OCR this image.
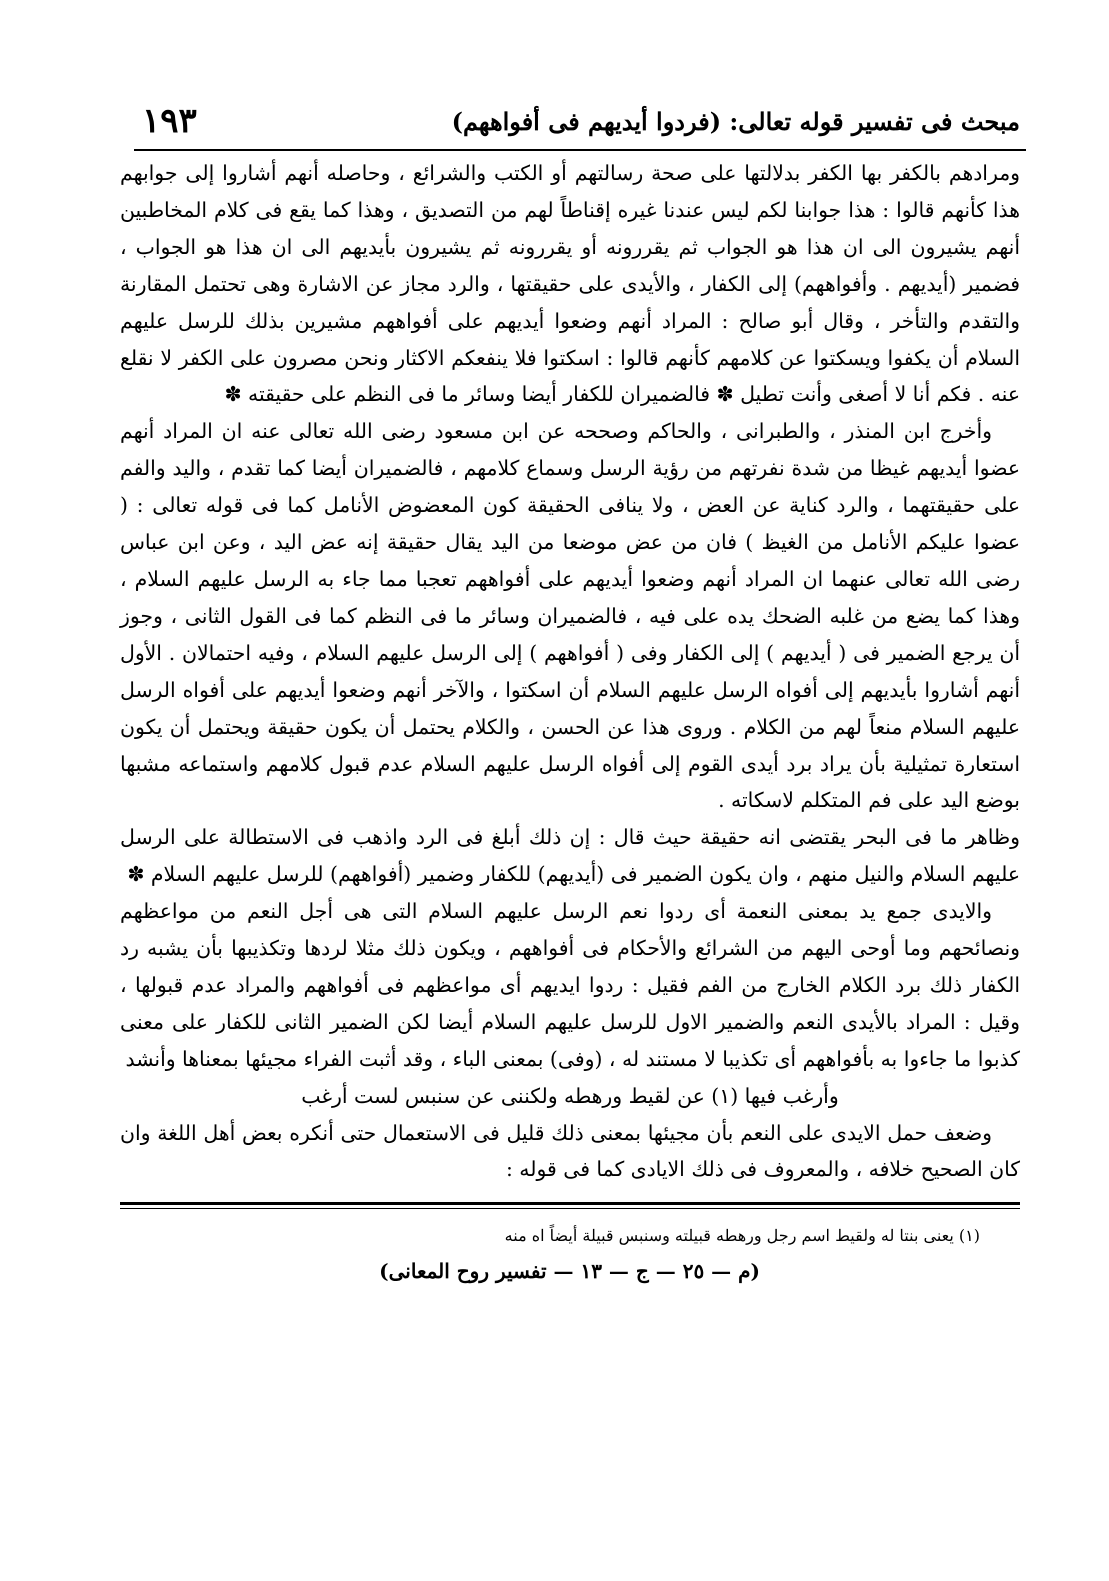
مبحث فی تفسیر قوله تعالی: (فردوا أیدیهم فی أفواههم)
١٩٣

ومرادهم بالكفر بها الكفر بدلالتها على صحة رسالتهم أو الكتب والشرائع ، وحاصله أنهم أشاروا إلى جوابهم هذا كأنهم قالوا : هذا جوابنا لكم ليس عندنا غيره إقناطاً لهم من التصديق ، وهذا كما يقع فى كلام المخاطبين أنهم يشيرون الى ان هذا هو الجواب ثم يقررونه أو يقررونه ثم يشيرون بأيديهم الى ان هذا هو الجواب ، فضمير (أيديهم . وأفواههم) إلى الكفار ، والأيدى على حقيقتها ، والرد مجاز عن الاشارة وهى تحتمل المقارنة والتقدم والتأخر ، وقال أبو صالح : المراد أنهم وضعوا أيديهم على أفواههم مشيرين بذلك للرسل عليهم السلام أن يكفوا ويسكتوا عن كلامهم كأنهم قالوا : اسكتوا فلا ينفعكم الاكثار ونحن مصرون على الكفر لا نقلع عنه . فكم أنا لا أصغى وأنت تطيل ✽ فالضميران للكفار أيضا وسائر ما فى النظم على حقيقته ✽

وأخرج ابن المنذر ، والطبرانى ، والحاكم وصححه عن ابن مسعود رضى الله تعالى عنه ان المراد أنهم عضوا أيديهم غيظا من شدة نفرتهم من رؤية الرسل وسماع كلامهم ، فالضميران أيضا كما تقدم ، واليد والفم على حقيقتهما ، والرد كناية عن العض ، ولا ينافى الحقيقة كون المعضوض الأنامل كما فى قوله تعالى : ( عضوا عليكم الأنامل من الغيظ ) فان من عض موضعا من اليد يقال حقيقة إنه عض اليد ، وعن ابن عباس رضى الله تعالى عنهما ان المراد أنهم وضعوا أيديهم على أفواههم تعجبا مما جاء به الرسل عليهم السلام ، وهذا كما يضع من غلبه الضحك يده على فيه ، فالضميران وسائر ما فى النظم كما فى القول الثانى ، وجوز أن يرجع الضمير فى ( أيديهم ) إلى الكفار وفى ( أفواههم ) إلى الرسل عليهم السلام ، وفيه احتمالان . الأول أنهم أشاروا بأيديهم إلى أفواه الرسل عليهم السلام أن اسكتوا ، والآخر أنهم وضعوا أيديهم على أفواه الرسل عليهم السلام منعاً لهم من الكلام . وروى هذا عن الحسن ، والكلام يحتمل أن يكون حقيقة ويحتمل أن يكون استعارة تمثيلية بأن يراد برد أيدى القوم إلى أفواه الرسل عليهم السلام عدم قبول كلامهم واستماعه مشبها بوضع اليد على فم المتكلم لاسكاته .

وظاهر ما فى البحر يقتضى انه حقيقة حيث قال : إن ذلك أبلغ فى الرد واذهب فى الاستطالة على الرسل عليهم السلام والنيل منهم ، وان يكون الضمير فى (أيديهم) للكفار وضمير (أفواههم) للرسل عليهم السلام ✽

والايدى جمع يد بمعنى النعمة أى ردوا نعم الرسل عليهم السلام التى هى أجل النعم من مواعظهم ونصائحهم وما أوحى اليهم من الشرائع والأحكام فى أفواههم ، ويكون ذلك مثلا لردها وتكذيبها بأن يشبه رد الكفار ذلك برد الكلام الخارج من الفم فقيل : ردوا ايديهم أى مواعظهم فى أفواههم والمراد عدم قبولها ، وقيل : المراد بالأيدى النعم والضمير الاول للرسل عليهم السلام أيضا لكن الضمير الثانى للكفار على معنى كذبوا ما جاءوا به بأفواههم أى تكذيبا لا مستند له ، (وفى) بمعنى الباء ، وقد أثبت الفراء مجيئها بمعناها وأنشد

وأرغب فيها (١) عن لقيط ورهطه ولكننى عن سنبس لست أرغب

وضعف حمل الايدى على النعم بأن مجيئها بمعنى ذلك قليل فى الاستعمال حتى أنكره بعض أهل اللغة وان كان الصحيح خلافه ، والمعروف فى ذلك الايادى كما فى قوله :

(١) يعنى بنتا له ولقيط اسم رجل ورهطه قبيلته وسنبس قبيلة أيضاً اه منه
(م — ٢٥ — ج — ١٣ — تفسير روح المعانى)
